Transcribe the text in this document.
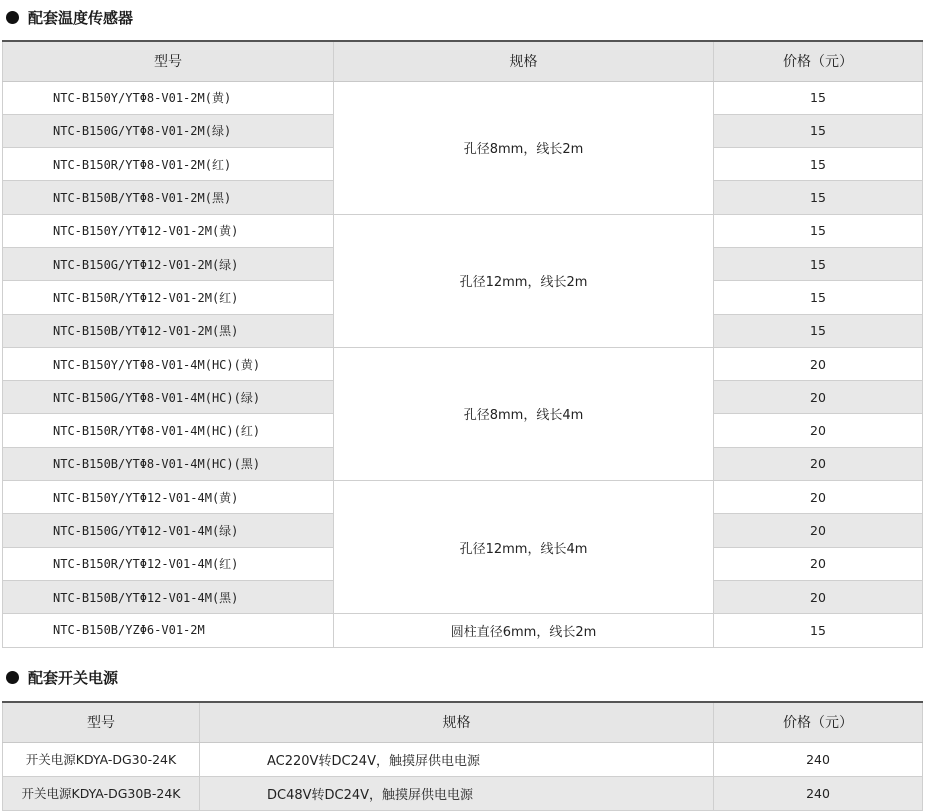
配套温度传感器
型号	规格	价格（元）
NTC-B150Y/YTΦ8-V01-2M(黄)	孔径8mm，线长2m	15
NTC-B150G/YTΦ8-V01-2M(绿)		15
NTC-B150R/YTΦ8-V01-2M(红)		15
NTC-B150B/YTΦ8-V01-2M(黑)		15
NTC-B150Y/YTΦ12-V01-2M(黄)	孔径12mm，线长2m	15
NTC-B150G/YTΦ12-V01-2M(绿)		15
NTC-B150R/YTΦ12-V01-2M(红)		15
NTC-B150B/YTΦ12-V01-2M(黑)		15
NTC-B150Y/YTΦ8-V01-4M(HC)(黄)	孔径8mm，线长4m	20
NTC-B150G/YTΦ8-V01-4M(HC)(绿)		20
NTC-B150R/YTΦ8-V01-4M(HC)(红)		20
NTC-B150B/YTΦ8-V01-4M(HC)(黑)		20
NTC-B150Y/YTΦ12-V01-4M(黄)	孔径12mm，线长4m	20
NTC-B150G/YTΦ12-V01-4M(绿)		20
NTC-B150R/YTΦ12-V01-4M(红)		20
NTC-B150B/YTΦ12-V01-4M(黑)		20
NTC-B150B/YZΦ6-V01-2M	圆柱直径6mm，线长2m	15
配套开关电源
型号	规格	价格（元）
开关电源KDYA-DG30-24K	AC220V转DC24V，触摸屏供电电源	240
开关电源KDYA-DG30B-24K	DC48V转DC24V，触摸屏供电电源	240
